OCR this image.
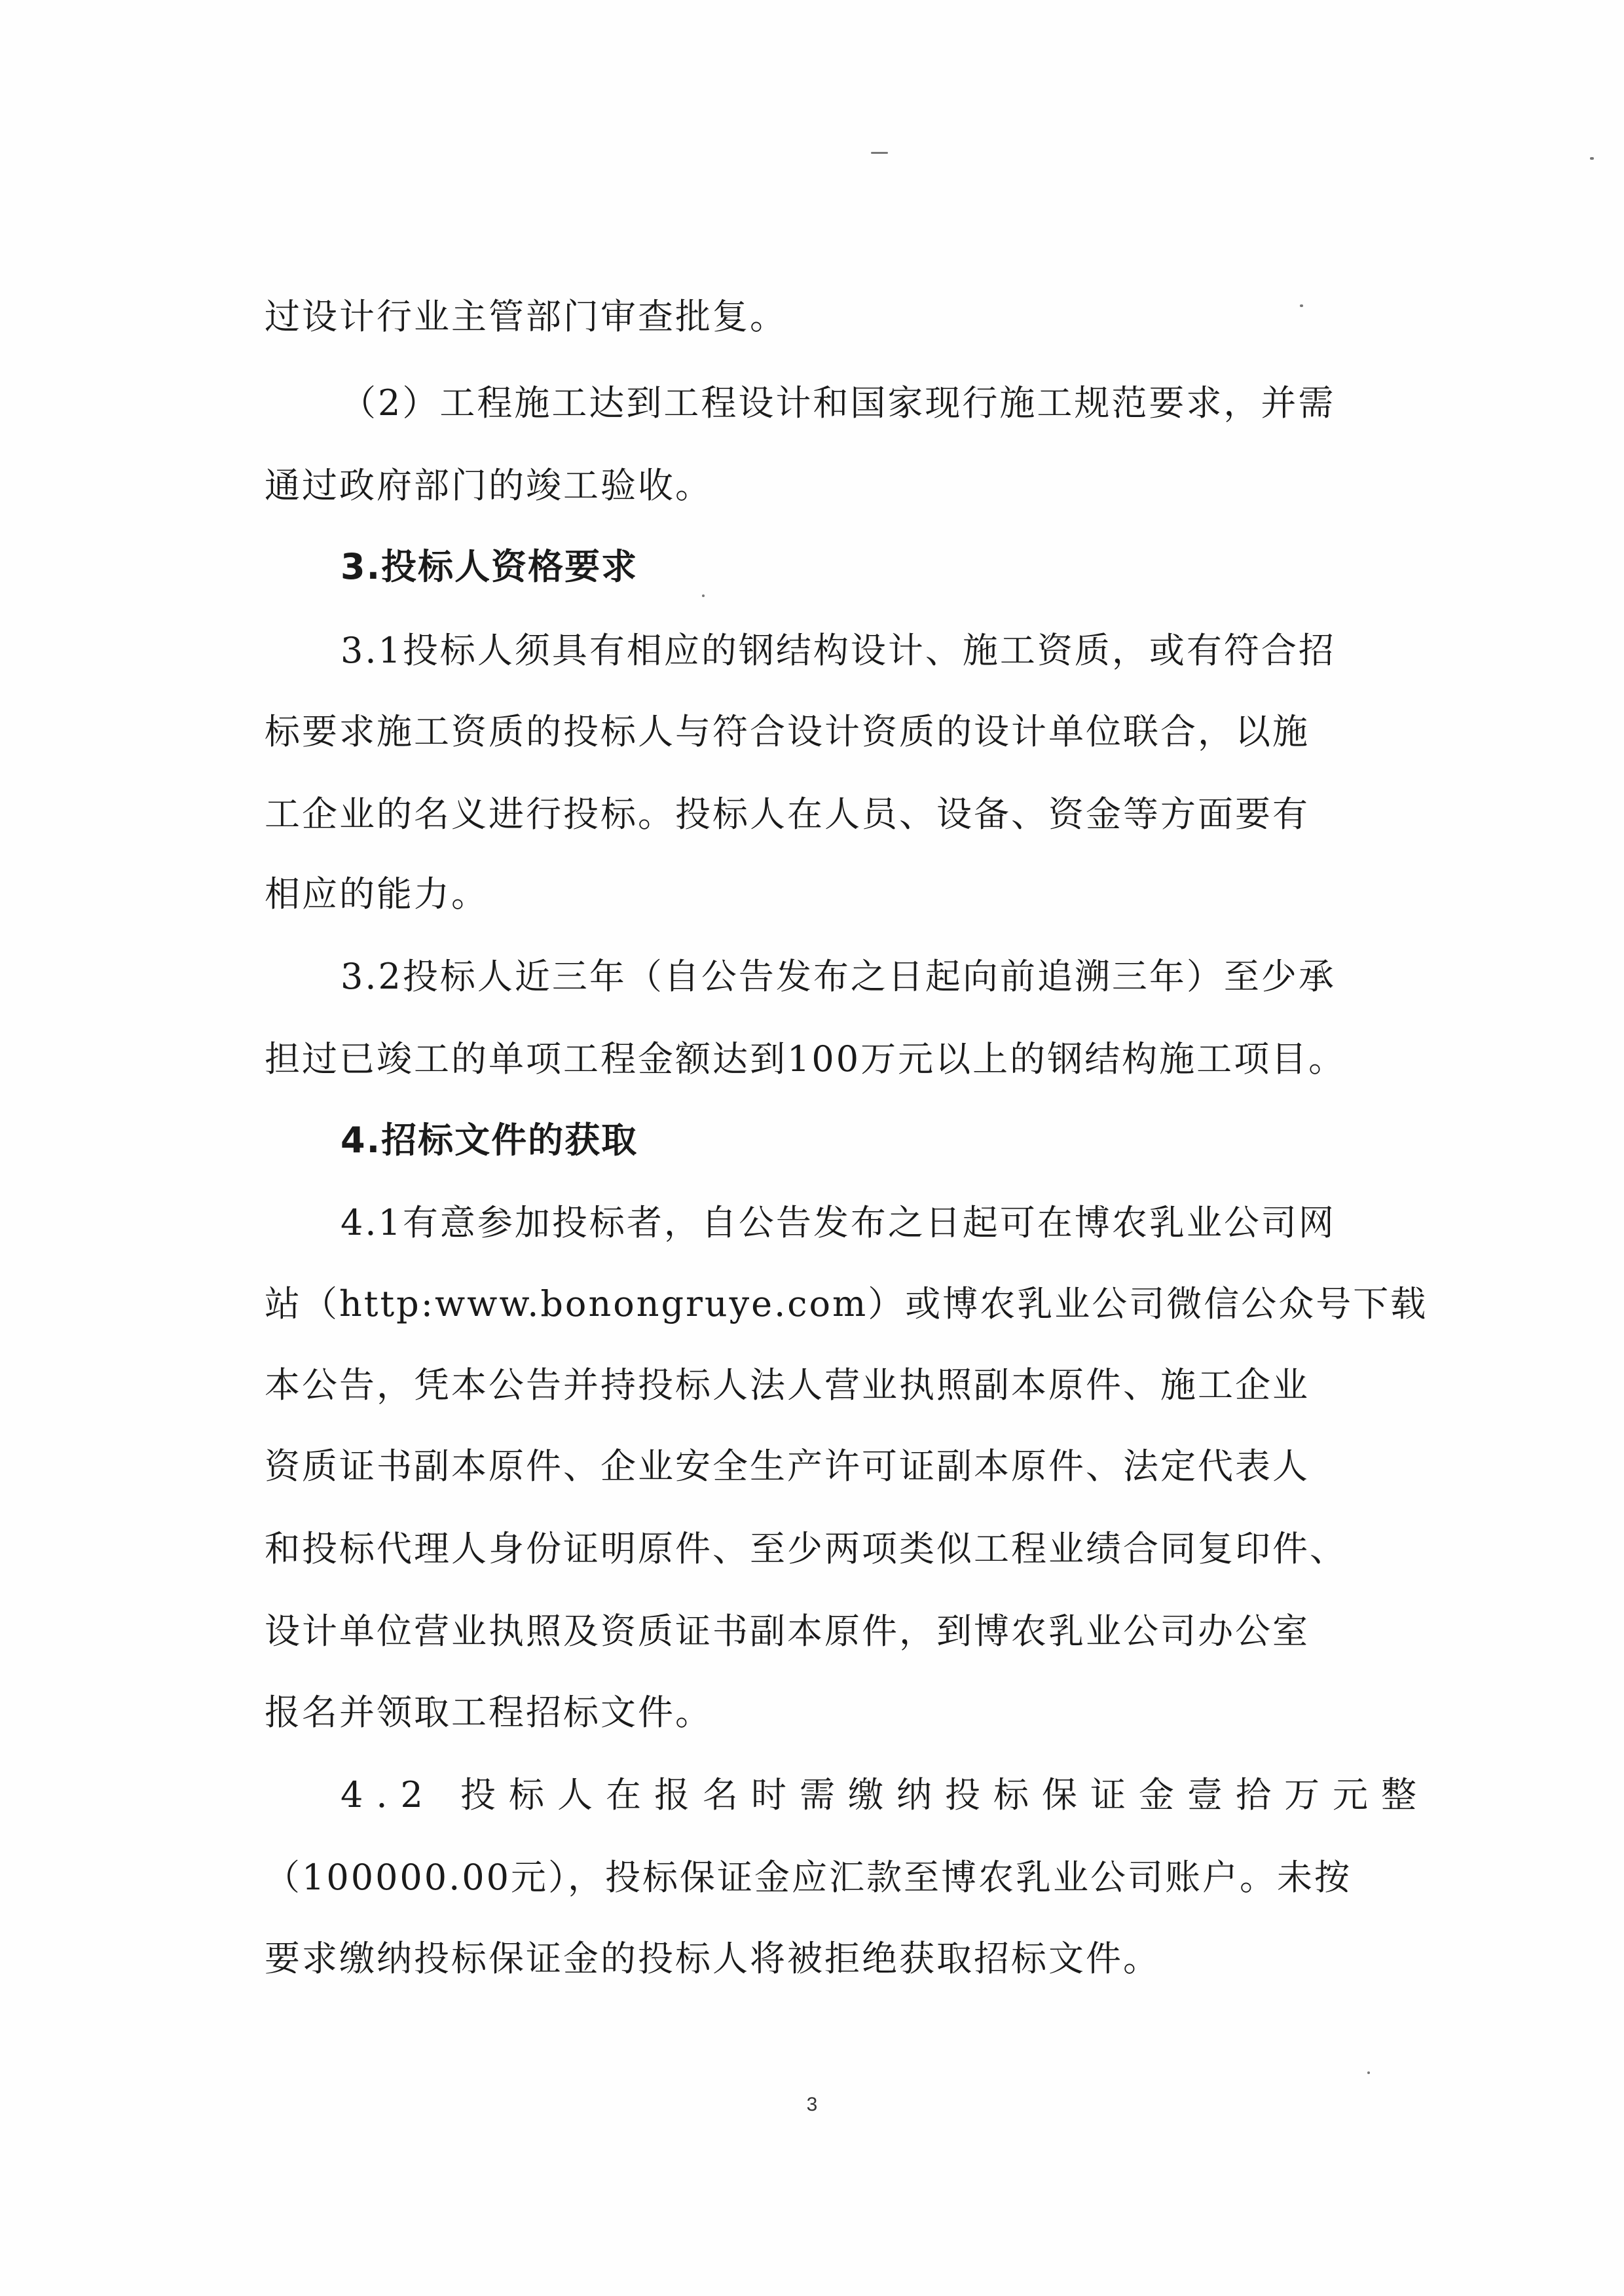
过设计行业主管部门审查批复。
（2）工程施工达到工程设计和国家现行施工规范要求，并需
通过政府部门的竣工验收。
3.投标人资格要求
3.1投标人须具有相应的钢结构设计、施工资质，或有符合招
标要求施工资质的投标人与符合设计资质的设计单位联合，以施
工企业的名义进行投标。投标人在人员、设备、资金等方面要有
相应的能力。
3.2投标人近三年（自公告发布之日起向前追溯三年）至少承
担过已竣工的单项工程金额达到100万元以上的钢结构施工项目。
4.招标文件的获取
4.1有意参加投标者，自公告发布之日起可在博农乳业公司网
站（http:www.bonongruye.com）或博农乳业公司微信公众号下载
本公告，凭本公告并持投标人法人营业执照副本原件、施工企业
资质证书副本原件、企业安全生产许可证副本原件、法定代表人
和投标代理人身份证明原件、至少两项类似工程业绩合同复印件、
设计单位营业执照及资质证书副本原件，到博农乳业公司办公室
报名并领取工程招标文件。
4.2 投标人在报名时需缴纳投标保证金壹拾万元整
（100000.00元），投标保证金应汇款至博农乳业公司账户。未按
要求缴纳投标保证金的投标人将被拒绝获取招标文件。
3
